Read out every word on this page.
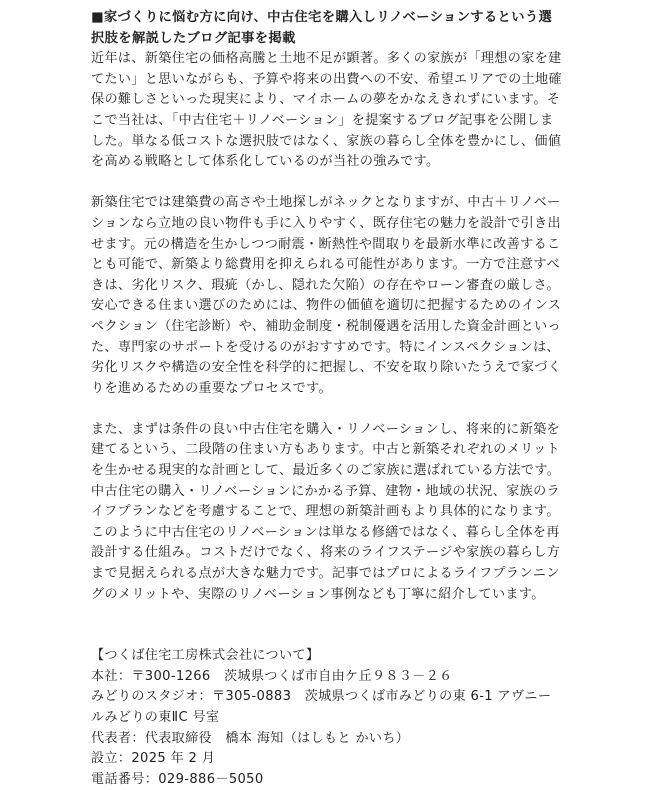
■家づくりに悩む方に向け、中古住宅を購入しリノベーションするという選択肢を解説したブログ記事を掲載

近年は、新築住宅の価格高騰と土地不足が顕著。多くの家族が「理想の家を建てたい」と思いながらも、予算や将来の出費への不安、希望エリアでの土地確保の難しさといった現実により、マイホームの夢をかなえきれずにいます。そこで当社は、「中古住宅＋リノベーション」を提案するブログ記事を公開しました。単なる低コストな選択肢ではなく、家族の暮らし全体を豊かにし、価値を高める戦略として体系化しているのが当社の強みです。

新築住宅では建築費の高さや土地探しがネックとなりますが、中古＋リノベーションなら立地の良い物件も手に入りやすく、既存住宅の魅力を設計で引き出せます。元の構造を生かしつつ耐震・断熱性や間取りを最新水準に改善することも可能で、新築より総費用を抑えられる可能性があります。一方で注意すべきは、劣化リスク、瑕疵（かし、隠れた欠陥）の存在やローン審査の厳しさ。安心できる住まい選びのためには、物件の価値を適切に把握するためのインスペクション（住宅診断）や、補助金制度・税制優遇を活用した資金計画といった、専門家のサポートを受けるのがおすすめです。特にインスペクションは、劣化リスクや構造の安全性を科学的に把握し、不安を取り除いたうえで家づくりを進めるための重要なプロセスです。

また、まずは条件の良い中古住宅を購入・リノベーションし、将来的に新築を建てるという、二段階の住まい方もあります。中古と新築それぞれのメリットを生かせる現実的な計画として、最近多くのご家族に選ばれている方法です。中古住宅の購入・リノベーションにかかる予算、建物・地域の状況、家族のライフプランなどを考慮することで、理想の新築計画もより具体的になります。このように中古住宅のリノベーションは単なる修繕ではなく、暮らし全体を再設計する仕組み。コストだけでなく、将来のライフステージや家族の暮らし方まで見据えられる点が大きな魅力です。記事ではプロによるライフプランニングのメリットや、実際のリノベーション事例なども丁寧に紹介しています。

【つくば住宅工房株式会社について】
本社：〒300-1266　茨城県つくば市自由ケ丘９８３－２６
みどりのスタジオ：〒305-0883　茨城県つくば市みどりの東 6-1 アヴニールみどりの東ⅡC 号室
代表者：代表取締役　橋本 海知（はしもと かいち）
設立：2025 年 2 月
電話番号：029-886－5050
